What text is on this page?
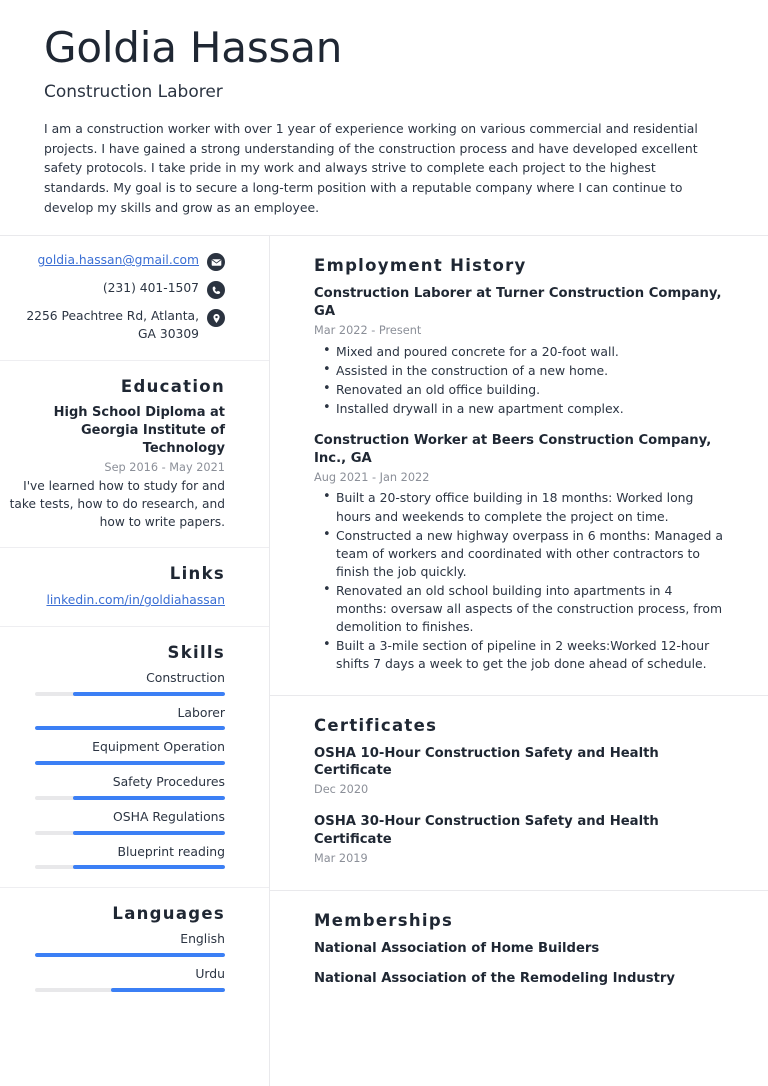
Goldia Hassan
Construction Laborer

I am a construction worker with over 1 year of experience working on various commercial and residential projects. I have gained a strong understanding of the construction process and have developed excellent safety protocols. I take pride in my work and always strive to complete each project to the highest standards. My goal is to secure a long-term position with a reputable company where I can continue to develop my skills and grow as an employee.

goldia.hassan@gmail.com
(231) 401-1507
2256 Peachtree Rd, Atlanta, GA 30309
Education
High School Diploma at Georgia Institute of Technology
Sep 2016 - May 2021
I've learned how to study for and take tests, how to do research, and how to write papers.
Links
linkedin.com/in/goldiahassan
Skills
Construction
Laborer
Equipment Operation
Safety Procedures
OSHA Regulations
Blueprint reading
Languages
English
Urdu
Employment History
Construction Laborer at Turner Construction Company, GA
Mar 2022 - Present
• Mixed and poured concrete for a 20-foot wall.
• Assisted in the construction of a new home.
• Renovated an old office building.
• Installed drywall in a new apartment complex.
Construction Worker at Beers Construction Company, Inc., GA
Aug 2021 - Jan 2022
• Built a 20-story office building in 18 months: Worked long hours and weekends to complete the project on time.
• Constructed a new highway overpass in 6 months: Managed a team of workers and coordinated with other contractors to finish the job quickly.
• Renovated an old school building into apartments in 4 months: oversaw all aspects of the construction process, from demolition to finishes.
• Built a 3-mile section of pipeline in 2 weeks:Worked 12-hour shifts 7 days a week to get the job done ahead of schedule.
Certificates
OSHA 10-Hour Construction Safety and Health Certificate
Dec 2020
OSHA 30-Hour Construction Safety and Health Certificate
Mar 2019
Memberships
National Association of Home Builders
National Association of the Remodeling Industry
